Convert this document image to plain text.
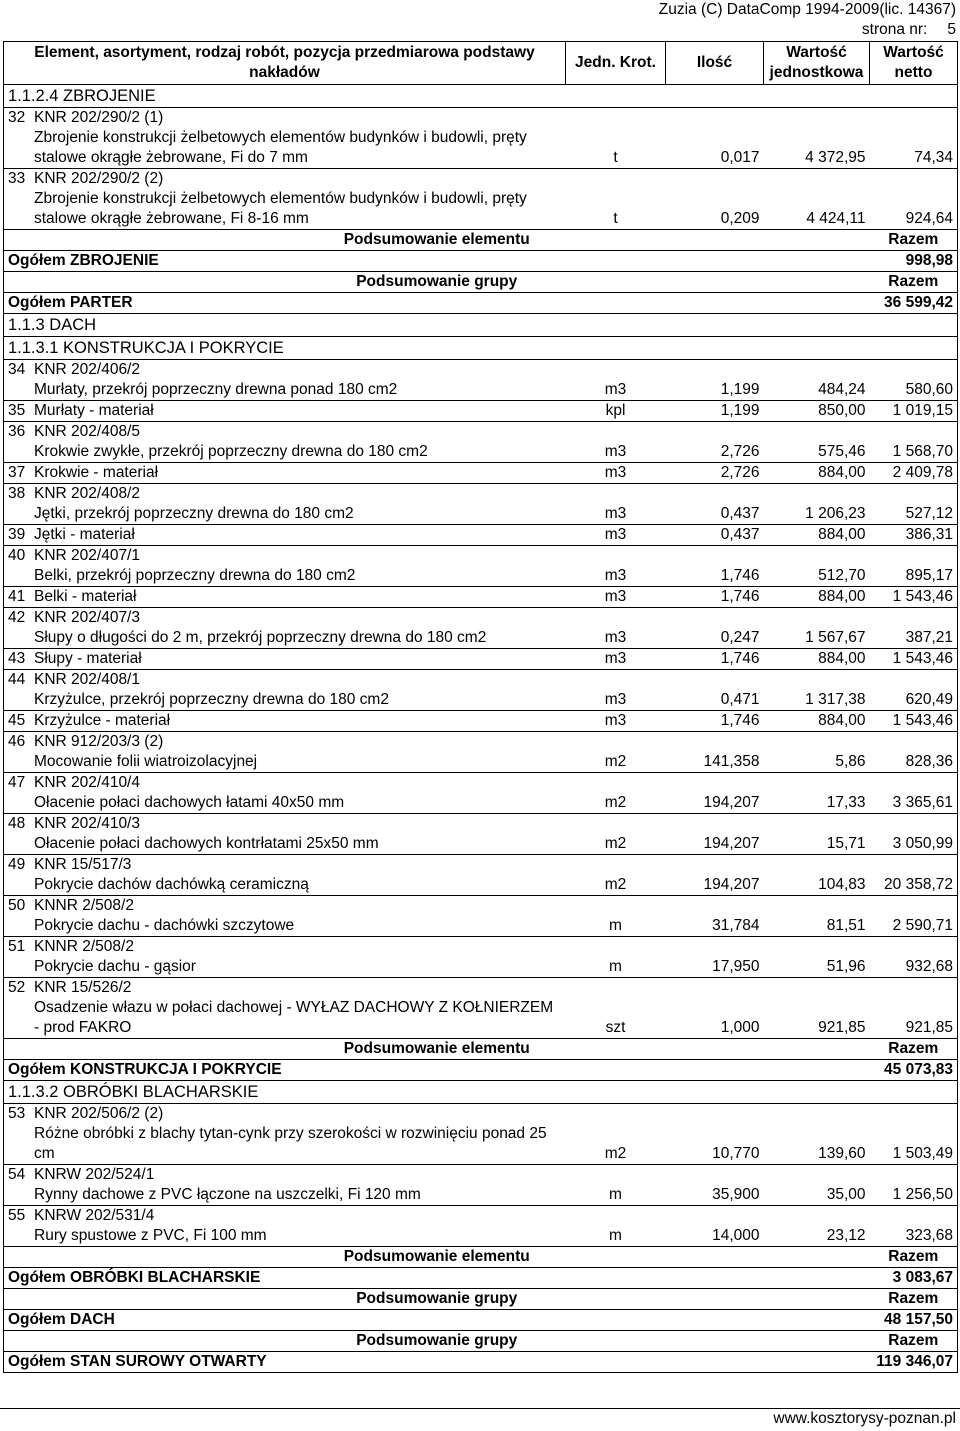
Zuzia (C) DataComp 1994-2009(lic. 14367)
strona nr: 5
Element, asortyment, rodzaj robót, pozycja przedmiarowa podstawy nakładów	Jedn. Krot.	Ilość	Wartość jednostkowa	Wartość netto
1.1.2.4 ZBROJENIE				

32 KNR 202/290/2 (1)
Zbrojenie konstrukcji żelbetowych elementów budynków i budowli, pręty stalowe okrągłe żebrowane, Fi do 7 mm	t	0,017	4 372,95	74,34

33 KNR 202/290/2 (2)
Zbrojenie konstrukcji żelbetowych elementów budynków i budowli, pręty stalowe okrągłe żebrowane, Fi 8-16 mm	t	0,209	4 424,11	924,64
Podsumowanie elementu				Razem
Ogółem ZBROJENIE				998,98
Podsumowanie grupy				Razem
Ogółem PARTER				36 599,42
1.1.3 DACH				
1.1.3.1 KONSTRUKCJA I POKRYCIE				

34 KNR 202/406/2
Murłaty, przekrój poprzeczny drewna ponad 180 cm2	m3	1,199	484,24	580,60

35 Murłaty - materiał	kpl	1,199	850,00	1 019,15

36 KNR 202/408/5
Krokwie zwykłe, przekrój poprzeczny drewna do 180 cm2	m3	2,726	575,46	1 568,70

37 Krokwie - materiał	m3	2,726	884,00	2 409,78

38 KNR 202/408/2
Jętki, przekrój poprzeczny drewna do 180 cm2	m3	0,437	1 206,23	527,12

39 Jętki - materiał	m3	0,437	884,00	386,31

40 KNR 202/407/1
Belki, przekrój poprzeczny drewna do 180 cm2	m3	1,746	512,70	895,17

41 Belki - materiał	m3	1,746	884,00	1 543,46

42 KNR 202/407/3
Słupy o długości do 2 m, przekrój poprzeczny drewna do 180 cm2	m3	0,247	1 567,67	387,21

43 Słupy - materiał	m3	1,746	884,00	1 543,46

44 KNR 202/408/1
Krzyżulce, przekrój poprzeczny drewna do 180 cm2	m3	0,471	1 317,38	620,49

45 Krzyżulce - materiał	m3	1,746	884,00	1 543,46

46 KNR 912/203/3 (2)
Mocowanie folii wiatroizolacyjnej	m2	141,358	5,86	828,36

47 KNR 202/410/4
Ołacenie połaci dachowych łatami 40x50 mm	m2	194,207	17,33	3 365,61

48 KNR 202/410/3
Ołacenie połaci dachowych kontrłatami 25x50 mm	m2	194,207	15,71	3 050,99

49 KNR 15/517/3
Pokrycie dachów dachówką ceramiczną	m2	194,207	104,83	20 358,72

50 KNNR 2/508/2
Pokrycie dachu - dachówki szczytowe	m	31,784	81,51	2 590,71

51 KNNR 2/508/2
Pokrycie dachu - gąsior	m	17,950	51,96	932,68

52 KNR 15/526/2
Osadzenie włazu w połaci dachowej - WYŁAZ DACHOWY Z KOŁNIERZEM - prod FAKRO	szt	1,000	921,85	921,85
Podsumowanie elementu				Razem
Ogółem KONSTRUKCJA I POKRYCIE				45 073,83
1.1.3.2 OBRÓBKI BLACHARSKIE				

53 KNR 202/506/2 (2)
Różne obróbki z blachy tytan-cynk przy szerokości w rozwinięciu ponad 25 cm	m2	10,770	139,60	1 503,49

54 KNRW 202/524/1
Rynny dachowe z PVC łączone na uszczelki, Fi 120 mm	m	35,900	35,00	1 256,50

55 KNRW 202/531/4
Rury spustowe z PVC, Fi 100 mm	m	14,000	23,12	323,68
Podsumowanie elementu				Razem
Ogółem OBRÓBKI BLACHARSKIE				3 083,67
Podsumowanie grupy				Razem
Ogółem DACH				48 157,50
Podsumowanie grupy				Razem
Ogółem STAN SUROWY OTWARTY				119 346,07
www.kosztorysy-poznan.pl
